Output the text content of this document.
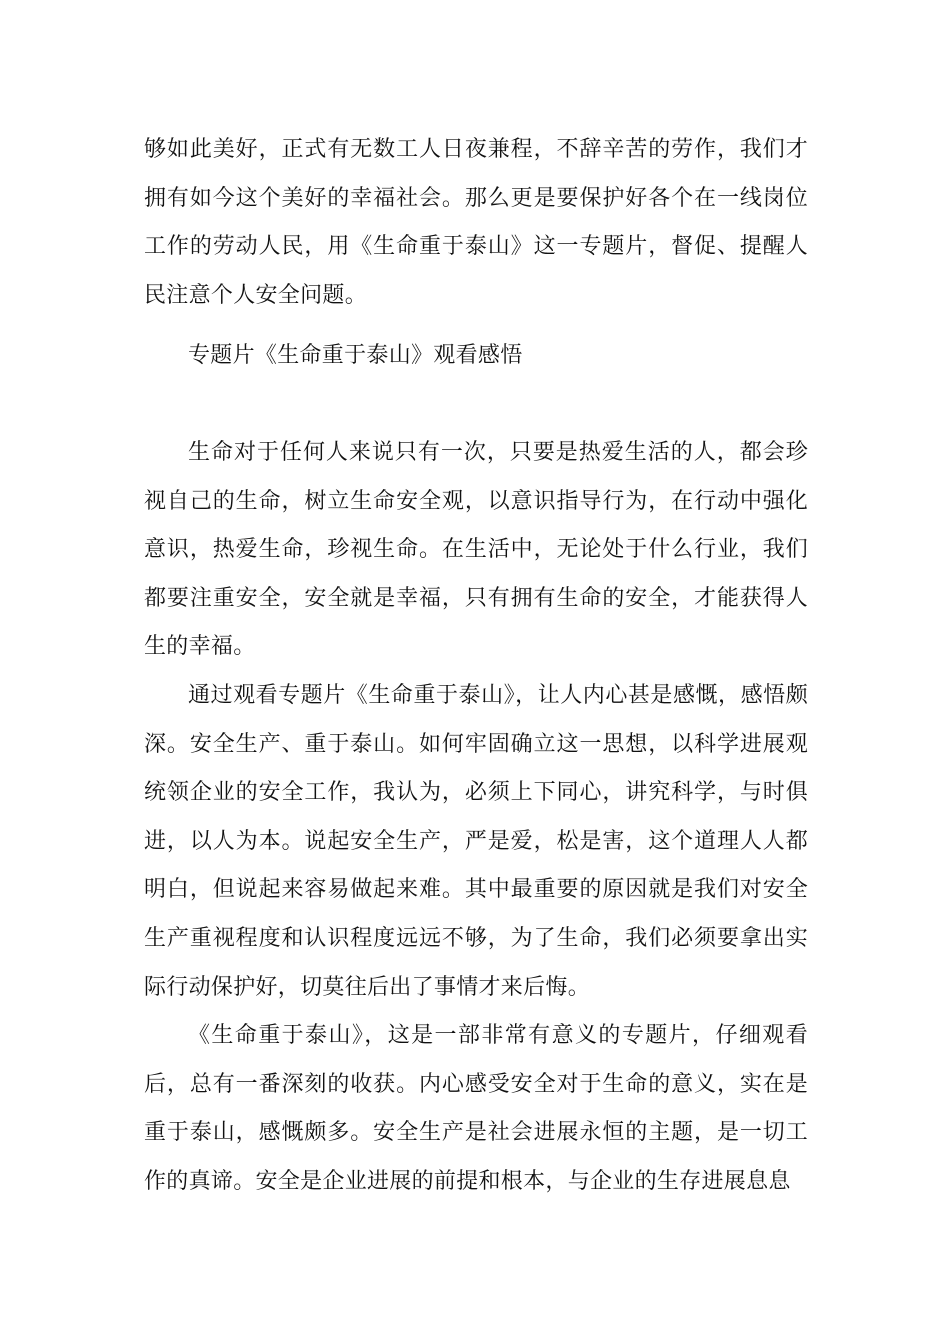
够如此美好，正式有无数工人日夜兼程，不辞辛苦的劳作，我们才拥有如今这个美好的幸福社会。那么更是要保护好各个在一线岗位工作的劳动人民，用《生命重于泰山》这一专题片，督促、提醒人民注意个人安全问题。

专题片《生命重于泰山》观看感悟

生命对于任何人来说只有一次，只要是热爱生活的人，都会珍视自己的生命，树立生命安全观，以意识指导行为，在行动中强化意识，热爱生命，珍视生命。在生活中，无论处于什么行业，我们都要注重安全，安全就是幸福，只有拥有生命的安全，才能获得人生的幸福。

通过观看专题片《生命重于泰山》，让人内心甚是感慨，感悟颇深。安全生产、重于泰山。如何牢固确立这一思想，以科学进展观统领企业的安全工作，我认为，必须上下同心，讲究科学，与时俱进，以人为本。说起安全生产，严是爱，松是害，这个道理人人都明白，但说起来容易做起来难。其中最重要的原因就是我们对安全生产重视程度和认识程度远远不够，为了生命，我们必须要拿出实际行动保护好，切莫往后出了事情才来后悔。

《生命重于泰山》，这是一部非常有意义的专题片，仔细观看后，总有一番深刻的收获。内心感受安全对于生命的意义，实在是重于泰山，感慨颇多。安全生产是社会进展永恒的主题，是一切工作的真谛。安全是企业进展的前提和根本，与企业的生存进展息息
